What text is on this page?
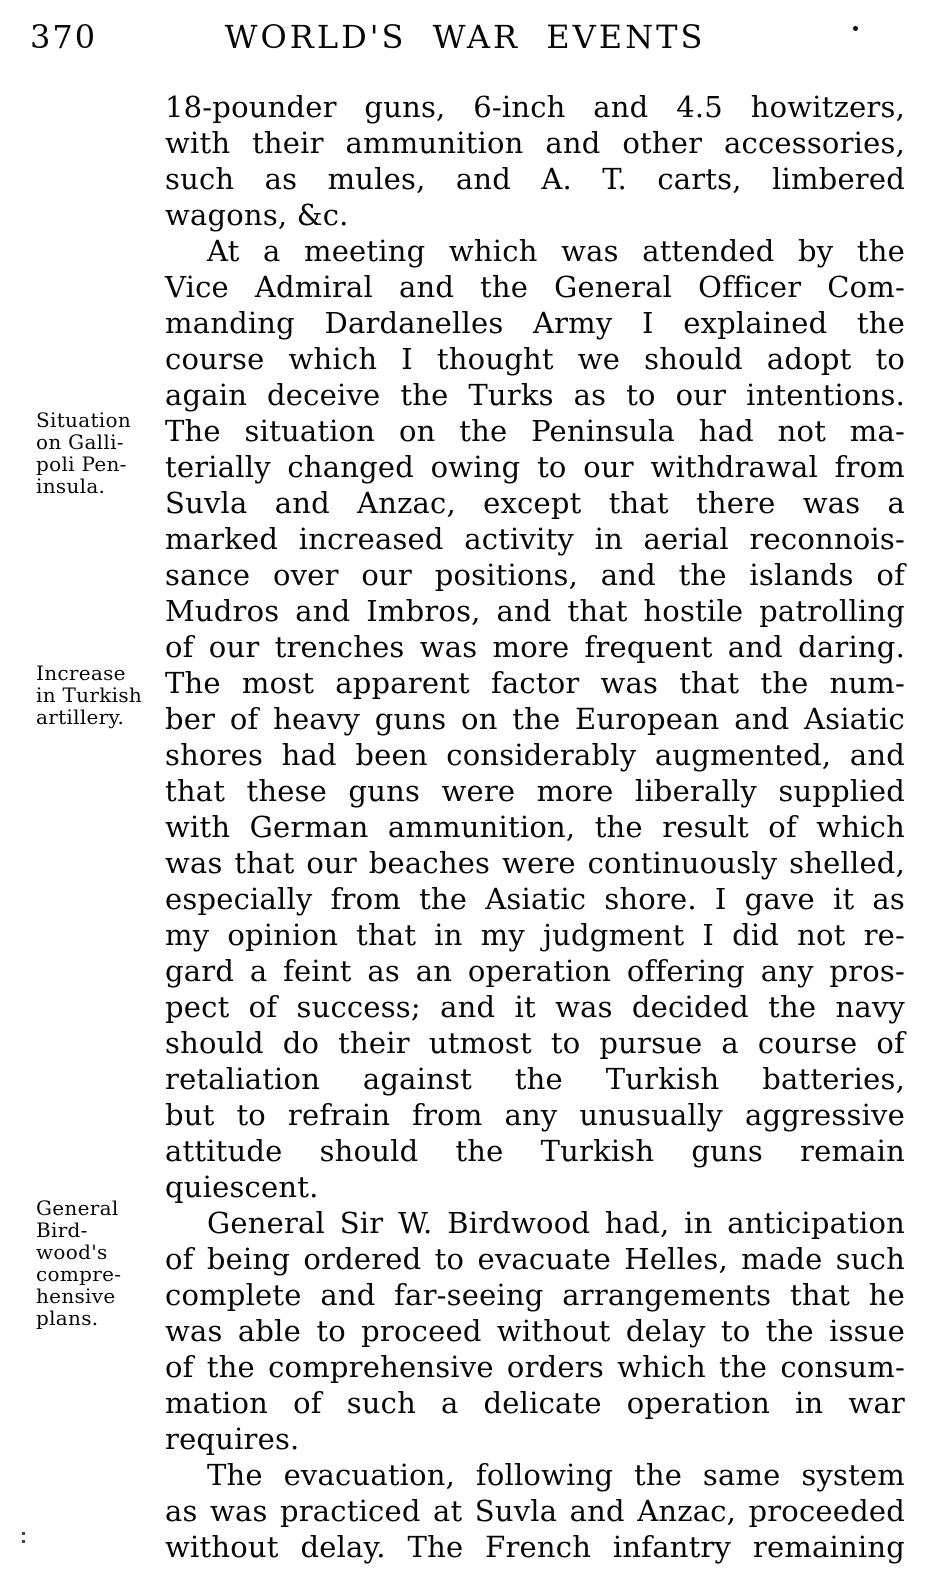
370	WORLD'S WAR EVENTS
Situation
on Galli-
poli Pen-
insula.
Increase
in Turkish
artillery.
General
Bird-
wood's
compre-
hensive
plans.
18-pounder guns, 6-inch and 4.5 howitzers,
with their ammunition and other accessories,
such as mules, and A. T. carts, limbered
wagons, &c.
At a meeting which was attended by the
Vice Admiral and the General Officer Com-
manding Dardanelles Army I explained the
course which I thought we should adopt to
again deceive the Turks as to our intentions.
The situation on the Peninsula had not ma-
terially changed owing to our withdrawal from
Suvla and Anzac, except that there was a
marked increased activity in aerial reconnois-
sance over our positions, and the islands of
Mudros and Imbros, and that hostile patrolling
of our trenches was more frequent and daring.
The most apparent factor was that the num-
ber of heavy guns on the European and Asiatic
shores had been considerably augmented, and
that these guns were more liberally supplied
with German ammunition, the result of which
was that our beaches were continuously shelled,
especially from the Asiatic shore. I gave it as
my opinion that in my judgment I did not re-
gard a feint as an operation offering any pros-
pect of success; and it was decided the navy
should do their utmost to pursue a course of
retaliation against the Turkish batteries,
but to refrain from any unusually aggressive
attitude should the Turkish guns remain
quiescent.
General Sir W. Birdwood had, in anticipation
of being ordered to evacuate Helles, made such
complete and far-seeing arrangements that he
was able to proceed without delay to the issue
of the comprehensive orders which the consum-
mation of such a delicate operation in war
requires.
The evacuation, following the same system
as was practiced at Suvla and Anzac, proceeded
without delay. The French infantry remaining
